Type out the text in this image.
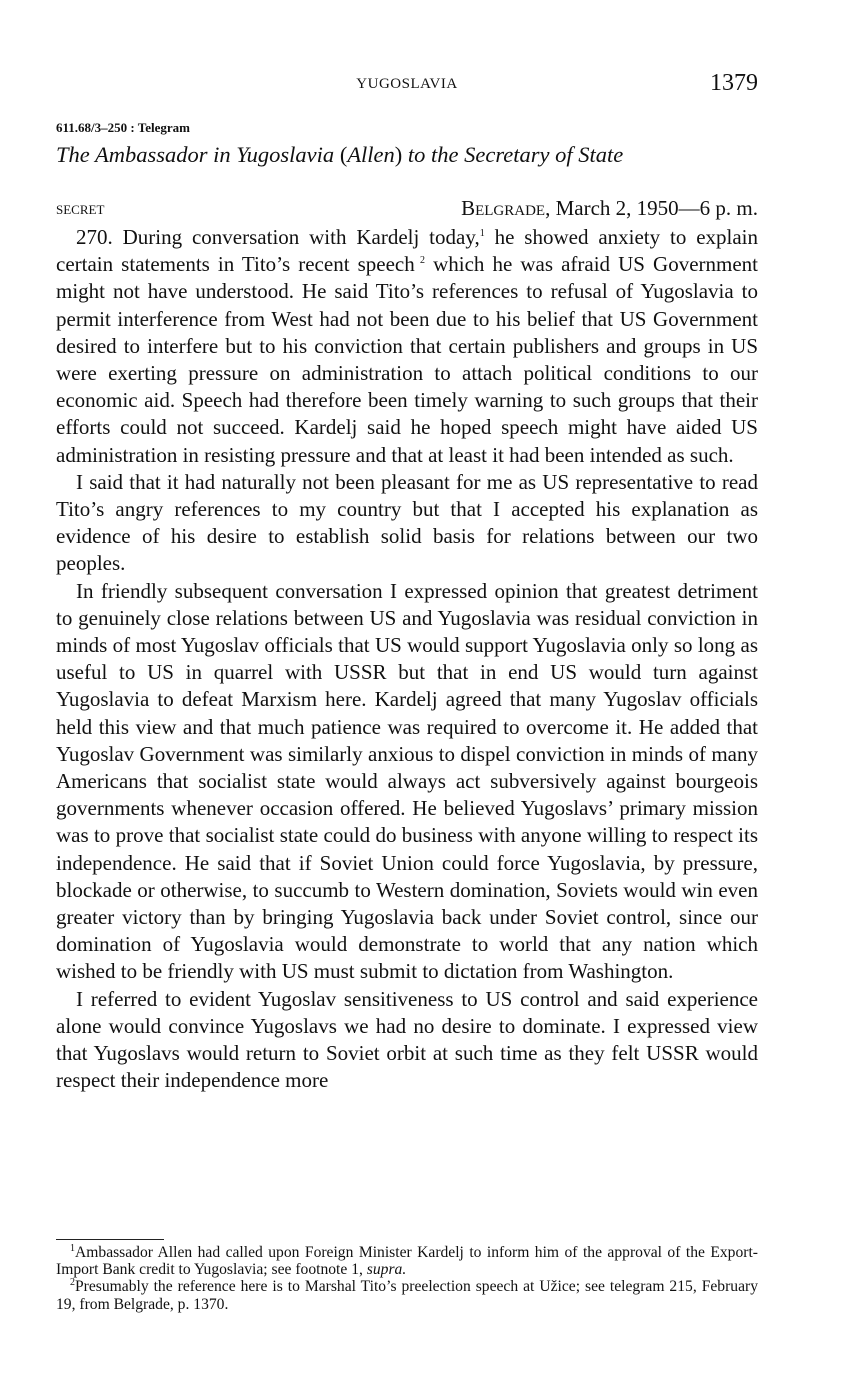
YUGOSLAVIA	1379
611.68/3–250 : Telegram
The Ambassador in Yugoslavia (Allen) to the Secretary of State
SECRET	Belgrade, March 2, 1950—6 p. m.

270. During conversation with Kardelj today,$^1$ he showed anxiety to explain certain statements in Tito’s recent speech $^2$ which he was afraid US Government might not have understood. He said Tito’s references to refusal of Yugoslavia to permit interference from West had not been due to his belief that US Government desired to interfere but to his conviction that certain publishers and groups in US were exerting pressure on administration to attach political conditions to our economic aid. Speech had therefore been timely warning to such groups that their efforts could not succeed. Kardelj said he hoped speech might have aided US administration in resisting pressure and that at least it had been intended as such.

I said that it had naturally not been pleasant for me as US representative to read Tito’s angry references to my country but that I accepted his explanation as evidence of his desire to establish solid basis for relations between our two peoples.

In friendly subsequent conversation I expressed opinion that greatest detriment to genuinely close relations between US and Yugoslavia was residual conviction in minds of most Yugoslav officials that US would support Yugoslavia only so long as useful to US in quarrel with USSR but that in end US would turn against Yugoslavia to defeat Marxism here. Kardelj agreed that many Yugoslav officials held this view and that much patience was required to overcome it. He added that Yugoslav Government was similarly anxious to dispel conviction in minds of many Americans that socialist state would always act subversively against bourgeois governments whenever occasion offered. He believed Yugoslavs’ primary mission was to prove that socialist state could do business with anyone willing to respect its independence. He said that if Soviet Union could force Yugoslavia, by pressure, blockade or otherwise, to succumb to Western domination, Soviets would win even greater victory than by bringing Yugoslavia back under Soviet control, since our domination of Yugoslavia would demonstrate to world that any nation which wished to be friendly with US must submit to dictation from Washington.

I referred to evident Yugoslav sensitiveness to US control and said experience alone would convince Yugoslavs we had no desire to dominate. I expressed view that Yugoslavs would return to Soviet orbit at such time as they felt USSR would respect their independence more

$^1$Ambassador Allen had called upon Foreign Minister Kardelj to inform him of the approval of the Export-Import Bank credit to Yugoslavia; see footnote 1, supra.

$^2$Presumably the reference here is to Marshal Tito’s preelection speech at Užice; see telegram 215, February 19, from Belgrade, p. 1370.
